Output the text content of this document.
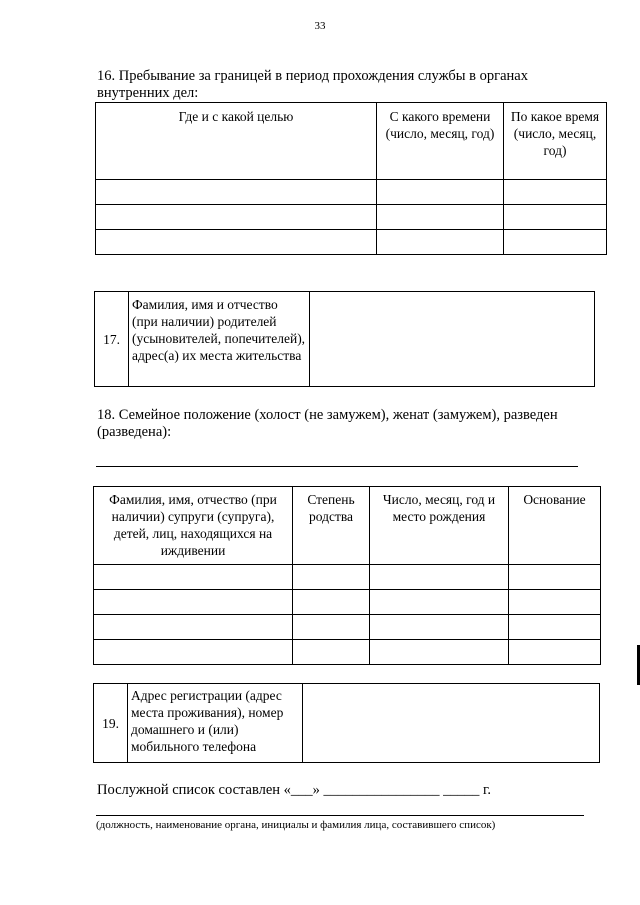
33
16. Пребывание за границей в период прохождения службы в органах
внутренних дел:
Где и с какой целью	С какого времени (число, месяц, год)	По какое время (число, месяц, год)

17.	Фамилия, имя и отчество (при наличии) родителей (усыновителей, попечителей), адрес(а) их места жительства	
18. Семейное положение (холост (не замужем), женат (замужем), разведен
(разведена):
Фамилия, имя, отчество (при наличии) супруги (супруга), детей, лиц, находящихся на иждивении	Степень родства	Число, месяц, год и место рождения	Основание

19.	Адрес регистрации (адрес места проживания), номер домашнего и (или) мобильного телефона	
Послужной список составлен «___» ________________ _____ г.
(должность, наименование органа, инициалы и фамилия лица, составившего список)
